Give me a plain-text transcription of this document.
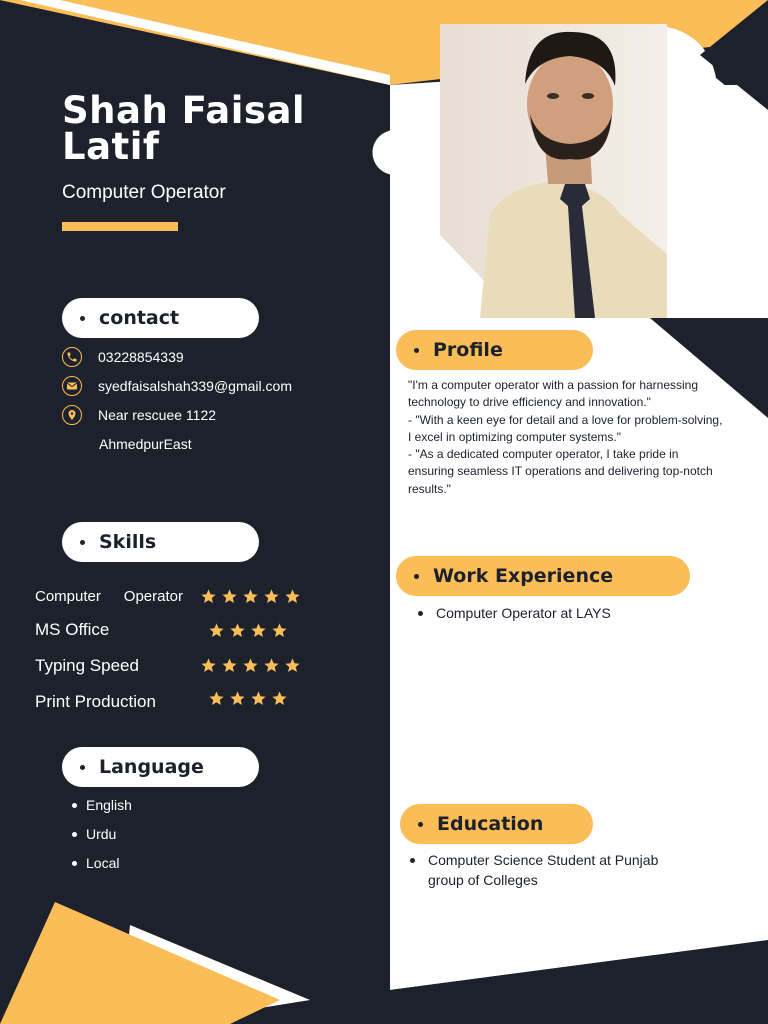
Shah Faisal
Latif
Computer Operator
contact
03228854339
syedfaisalshah339@gmail.com
Near rescuee 1122
AhmedpurEast
Skills
Computer Operator
MS Office
Typing Speed
Print Production
Language
English
Urdu
Local
Profile

"I'm a computer operator with a passion for harnessing technology to drive efficiency and innovation."

- "With a keen eye for detail and a love for problem-solving, I excel in optimizing computer systems."

- "As a dedicated computer operator, I take pride in ensuring seamless IT operations and delivering top-notch results."

Work Experience
Computer Operator at LAYS
Education
Computer Science Student at Punjab group of Colleges
